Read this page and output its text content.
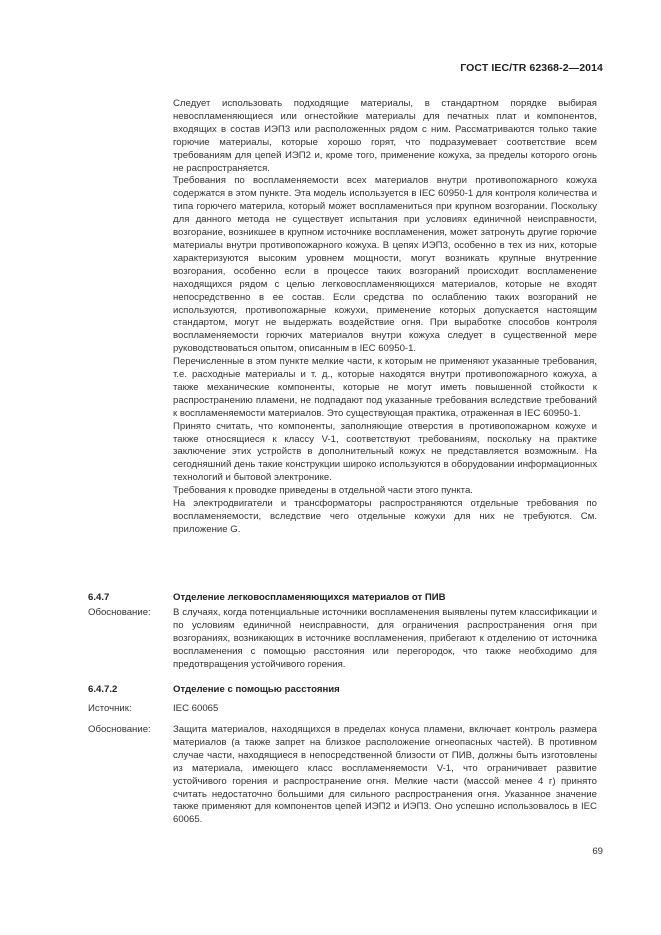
ГОСТ IEC/TR 62368-2—2014

Следует использовать подходящие материалы, в стандартном порядке выбирая невоспламеняющиеся или огнестойкие материалы для печатных плат и компонентов, входящих в состав ИЭП3 или расположенных рядом с ним. Рассматриваются только такие горючие материалы, которые хорошо горят, что подразумевает соответствие всем требованиям для цепей ИЭП2 и, кроме того, применение кожуха, за пределы которого огонь не распространяется.

Требования по воспламеняемости всех материалов внутри противопожарного кожуха содержатся в этом пункте. Эта модель используется в IEC 60950-1 для контроля количества и типа горючего материла, который может воспламениться при крупном возгорании. Поскольку для данного метода не существует испытания при условиях единичной неисправности, возгорание, возникшее в крупном источнике воспламенения, может затронуть другие горючие материалы внутри противопожарного кожуха. В цепях ИЭП3, особенно в тех из них, которые характеризуются высоким уровнем мощности, могут возникать крупные внутренние возгорания, особенно если в процессе таких возгораний происходит воспламенение находящихся рядом с целью легковоспламеняющихся материалов, которые не входят непосредственно в ее состав. Если средства по ослаблению таких возгораний не используются, противопожарные кожухи, применение которых допускается настоящим стандартом, могут не выдержать воздействие огня. При выработке способов контроля воспламеняемости горючих материалов внутри кожуха следует в существенной мере руководствоваться опытом, описанным в IEC 60950-1.

Перечисленные в этом пункте мелкие части, к которым не применяют указанные требования, т.е. расходные материалы и т. д., которые находятся внутри противопожарного кожуха, а также механические компоненты, которые не могут иметь повышенной стойкости к распространению пламени, не подпадают под указанные требования вследствие требований к воспламеняемости материалов. Это существующая практика, отраженная в IEC 60950-1.

Принято считать, что компоненты, заполняющие отверстия в противопожарном кожухе и также относящиеся к классу V-1, соответствуют требованиям, поскольку на практике заключение этих устройств в дополнительный кожух не представляется возможным. На сегодняшний день такие конструкции широко используются в оборудовании информационных технологий и бытовой электронике.

Требования к проводке приведены в отдельной части этого пункта.

На электродвигатели и трансформаторы распространяются отдельные требования по воспламеняемости, вследствие чего отдельные кожухи для них не требуются. См. приложение G.

6.4.7	Отделение легковоспламеняющихся материалов от ПИВ
Обоснование:	В случаях, когда потенциальные источники воспламенения выявлены путем классификации и по условиям единичной неисправности, для ограничения распространения огня при возгораниях, возникающих в источнике воспламенения, прибегают к отделению от источника воспламенения с помощью расстояния или перегородок, что также необходимо для предотвращения устойчивого горения.
6.4.7.2	Отделение с помощью расстояния
Источник:	IEC 60065
Обоснование:	Защита материалов, находящихся в пределах конуса пламени, включает контроль размера материалов (а также запрет на близкое расположение огнеопасных частей). В противном случае части, находящиеся в непосредственной близости от ПИВ, должны быть изготовлены из материала, имеющего класс воспламеняемости V-1, что ограничивает развитие устойчивого горения и распространение огня. Мелкие части (массой менее 4 г) принято считать недостаточно большими для сильного распространения огня. Указанное значение также применяют для компонентов цепей ИЭП2 и ИЭП3. Оно успешно использовалось в IEC 60065.
69
